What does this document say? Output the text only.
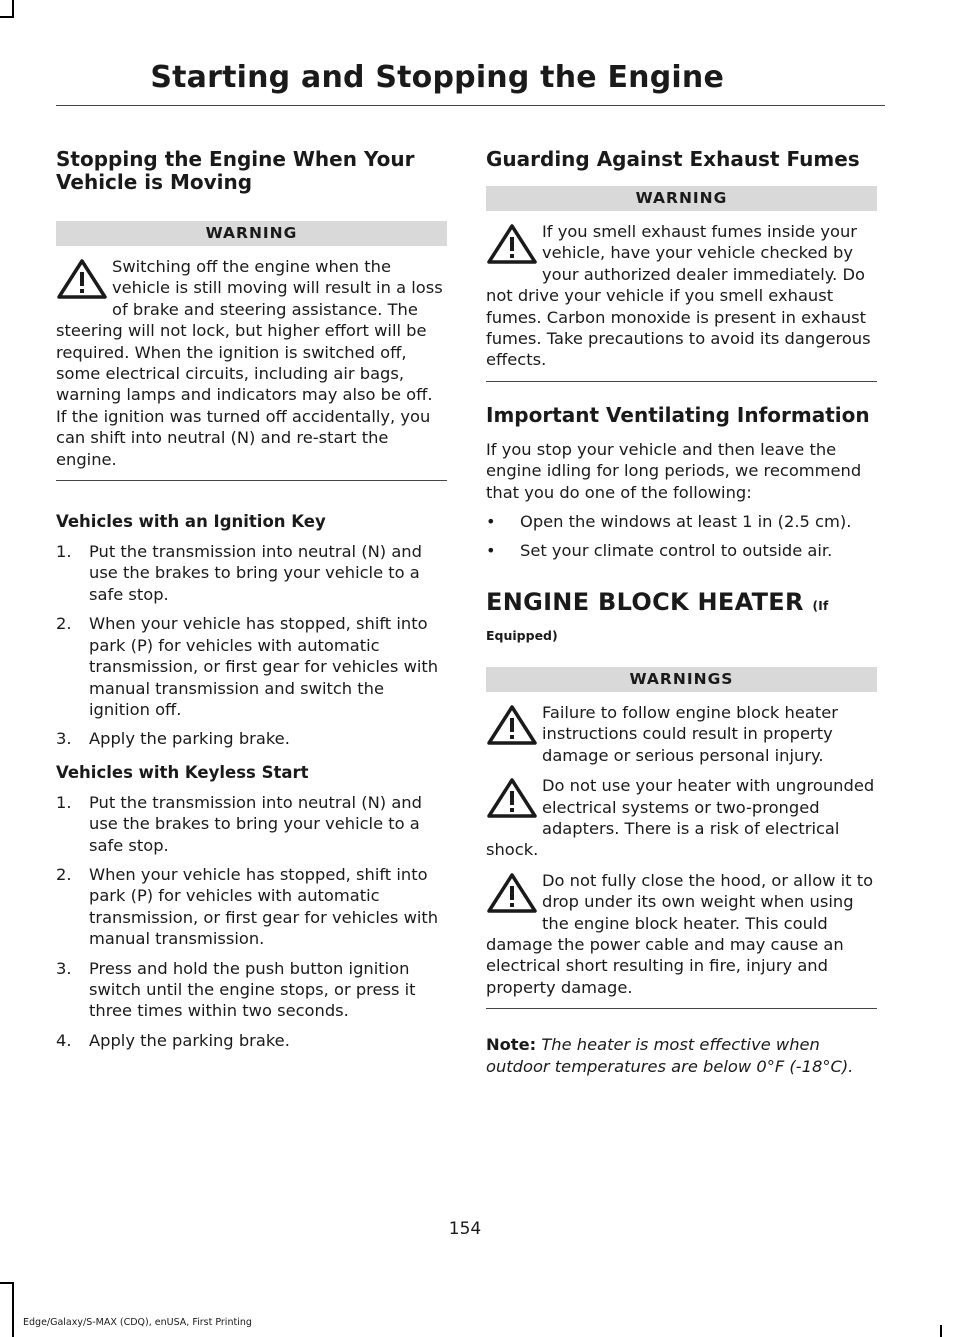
Starting and Stopping the Engine
Stopping the Engine When Your Vehicle is Moving
WARNING
Switching off the engine when the vehicle is still moving will result in a loss of brake and steering assistance. The steering will not lock, but higher effort will be required. When the ignition is switched off, some electrical circuits, including air bags, warning lamps and indicators may also be off. If the ignition was turned off accidentally, you can shift into neutral (N) and re-start the engine.
Vehicles with an Ignition Key
1.	Put the transmission into neutral (N) and use the brakes to bring your vehicle to a safe stop.
2.	When your vehicle has stopped, shift into park (P) for vehicles with automatic transmission, or first gear for vehicles with manual transmission and switch the ignition off.
3.	Apply the parking brake.
Vehicles with Keyless Start
1.	Put the transmission into neutral (N) and use the brakes to bring your vehicle to a safe stop.
2.	When your vehicle has stopped, shift into park (P) for vehicles with automatic transmission, or first gear for vehicles with manual transmission.
3.	Press and hold the push button ignition switch until the engine stops, or press it three times within two seconds.
4.	Apply the parking brake.
Guarding Against Exhaust Fumes
WARNING
If you smell exhaust fumes inside your vehicle, have your vehicle checked by your authorized dealer immediately. Do not drive your vehicle if you smell exhaust fumes. Carbon monoxide is present in exhaust fumes. Take precautions to avoid its dangerous effects.
Important Ventilating Information

If you stop your vehicle and then leave the engine idling for long periods, we recommend that you do one of the following:

•	Open the windows at least 1 in (2.5 cm).
•	Set your climate control to outside air.
ENGINE BLOCK HEATER (If
Equipped)
WARNINGS
Failure to follow engine block heater instructions could result in property damage or serious personal injury.
Do not use your heater with ungrounded electrical systems or two-pronged adapters. There is a risk of electrical shock.
Do not fully close the hood, or allow it to drop under its own weight when using the engine block heater. This could damage the power cable and may cause an electrical short resulting in fire, injury and property damage.

Note: The heater is most effective when outdoor temperatures are below 0°F (-18°C).

154
Edge/Galaxy/S-MAX (CDQ), enUSA, First Printing
